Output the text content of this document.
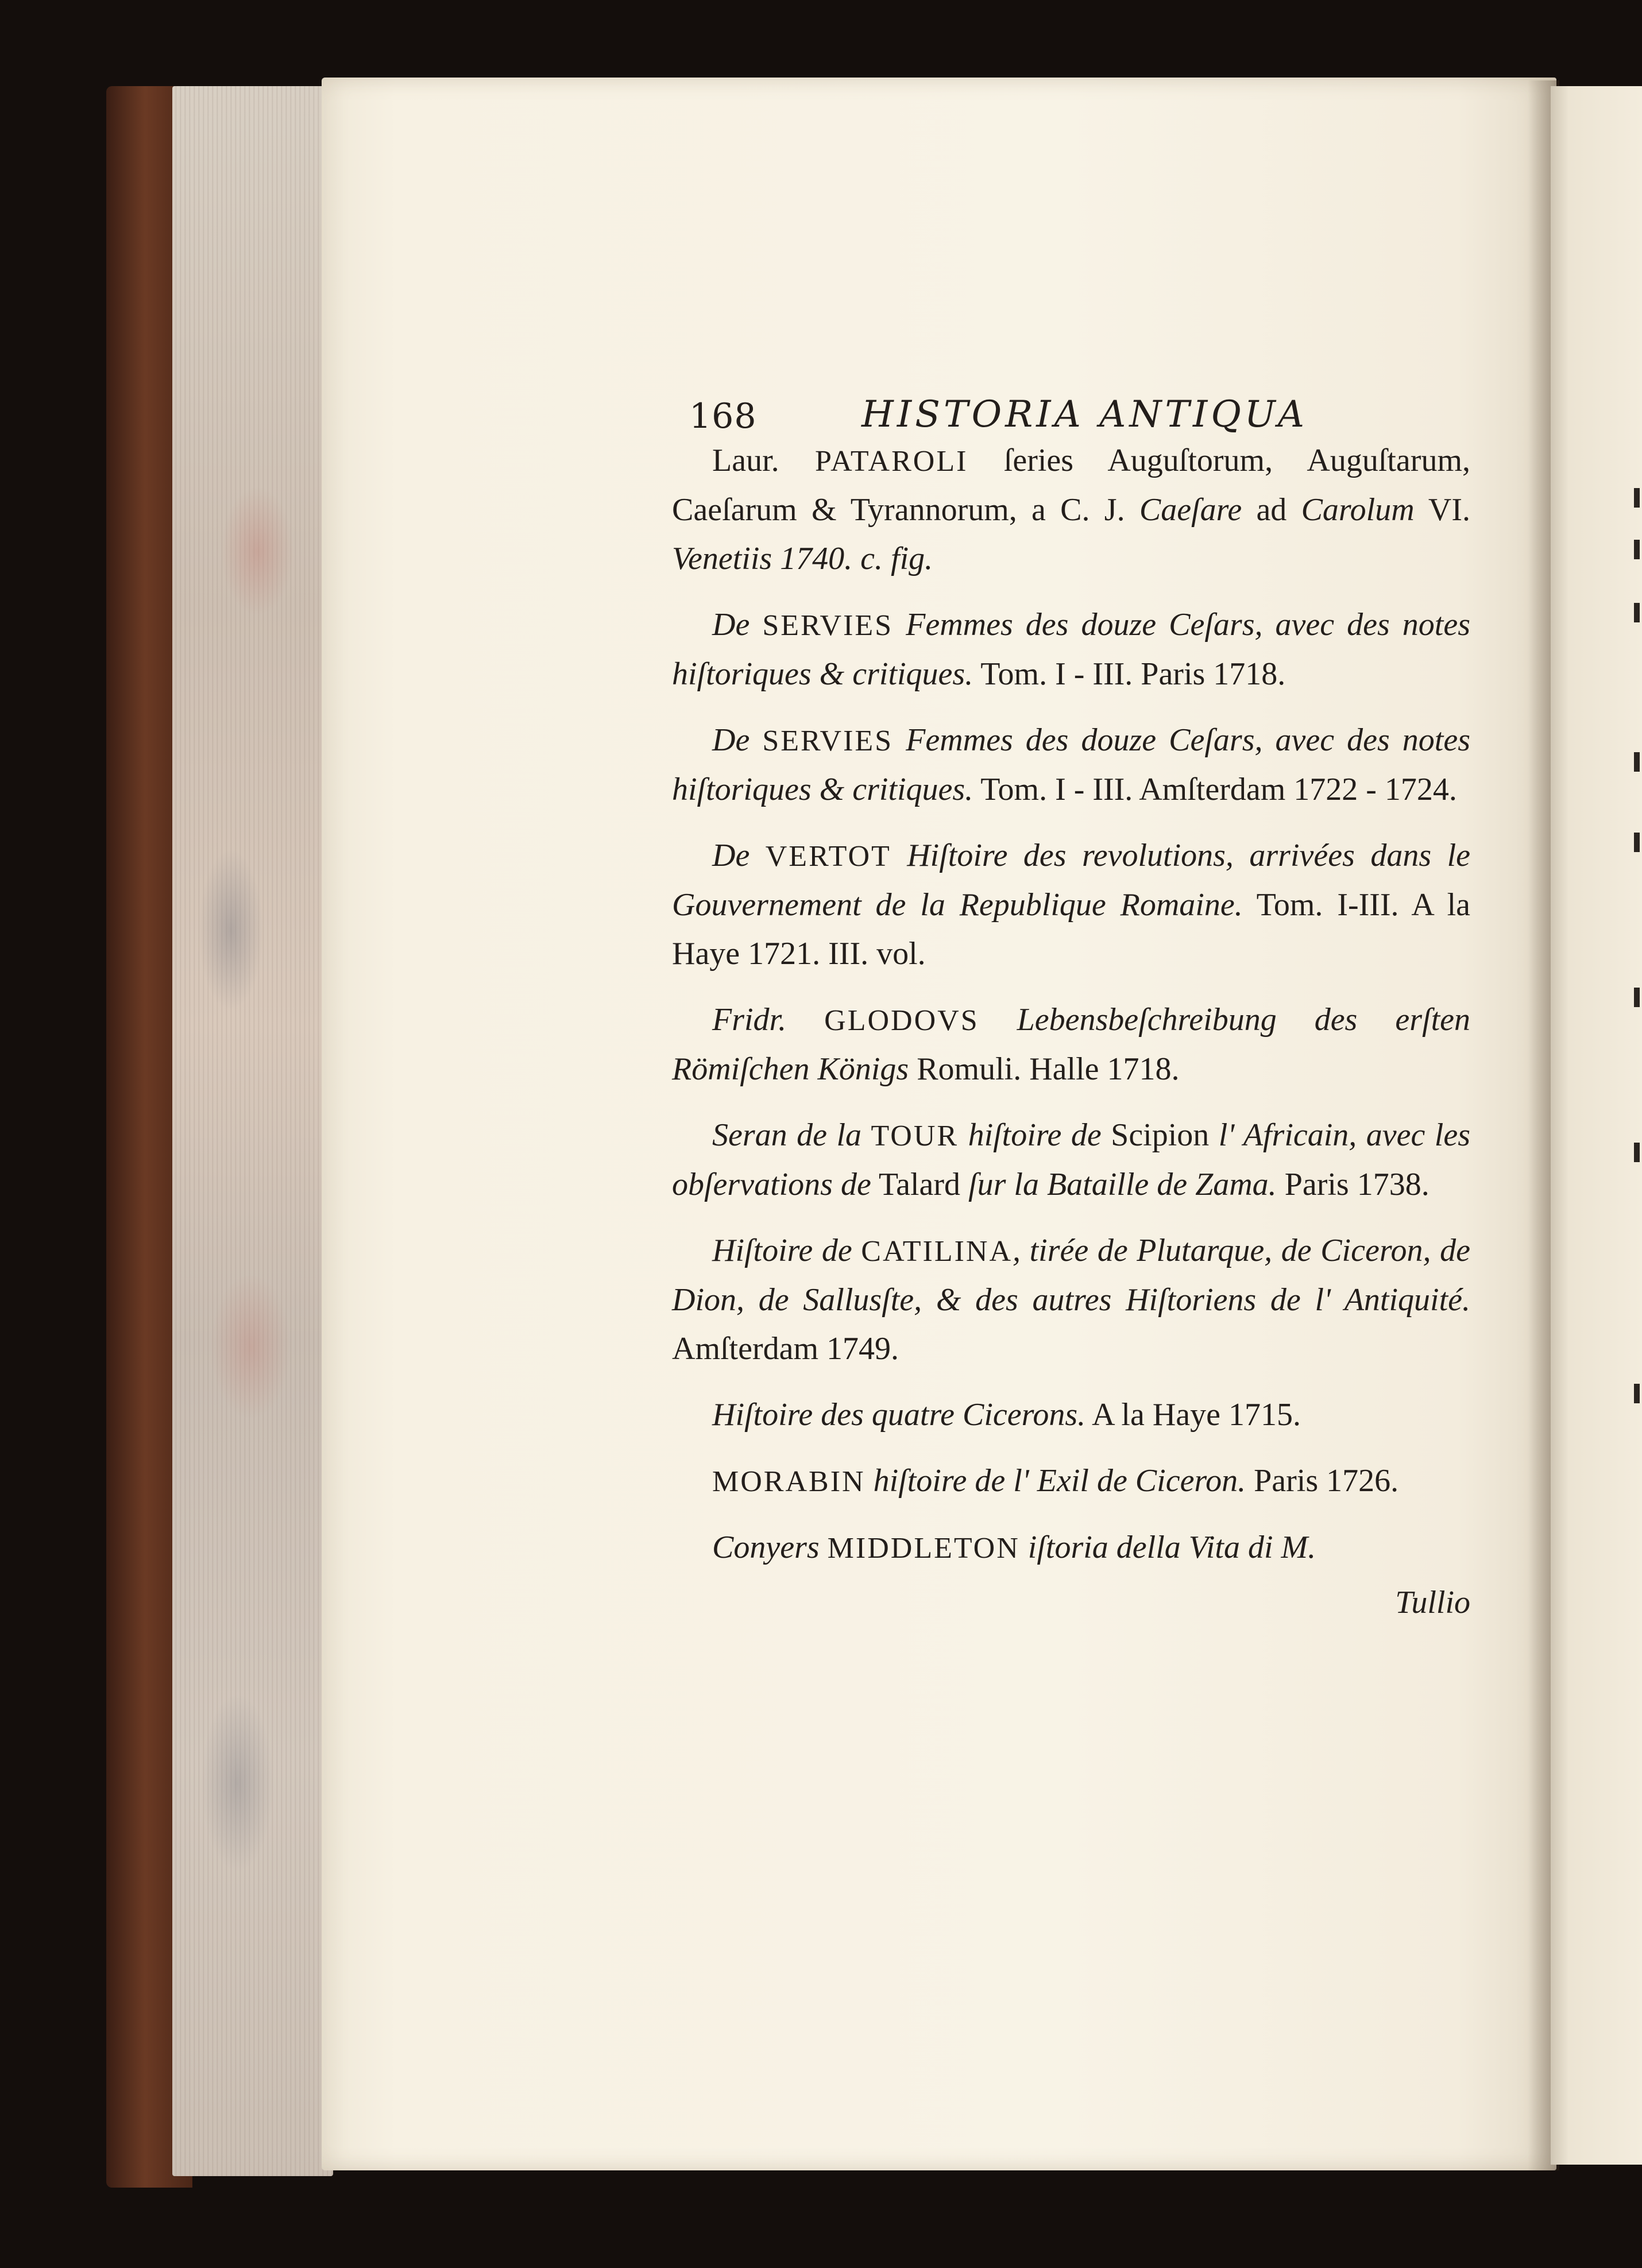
168	HISTORIA ANTIQUA

Laur. PATAROLI ſeries Auguſtorum, Auguſtarum, Caeſarum & Tyrannorum, a C. J. Caeſare ad Carolum VI. Venetiis 1740. c. fig.

De SERVIES Femmes des douze Ceſars, avec des notes hiſtoriques & critiques. Tom. I - III. Paris 1718.

De SERVIES Femmes des douze Ceſars, avec des notes hiſtoriques & critiques. Tom. I - III. Amſterdam 1722 - 1724.

De VERTOT Hiſtoire des revolutions, arrivées dans le Gouvernement de la Republique Romaine. Tom. I-III. A la Haye 1721. III. vol.

Fridr. GLODOVS Lebensbeſchreibung des erſten Römiſchen Königs Romuli. Halle 1718.

Seran de la TOUR hiſtoire de Scipion l' Africain, avec les obſervations de Talard ſur la Bataille de Zama. Paris 1738.

Hiſtoire de CATILINA, tirée de Plutarque, de Ciceron, de Dion, de Sallusſte, & des autres Hiſtoriens de l' Antiquité. Amſterdam 1749.

Hiſtoire des quatre Cicerons. A la Haye 1715.

MORABIN hiſtoire de l' Exil de Ciceron. Paris 1726.

Conyers MIDDLETON iſtoria della Vita di M.

Tullio
